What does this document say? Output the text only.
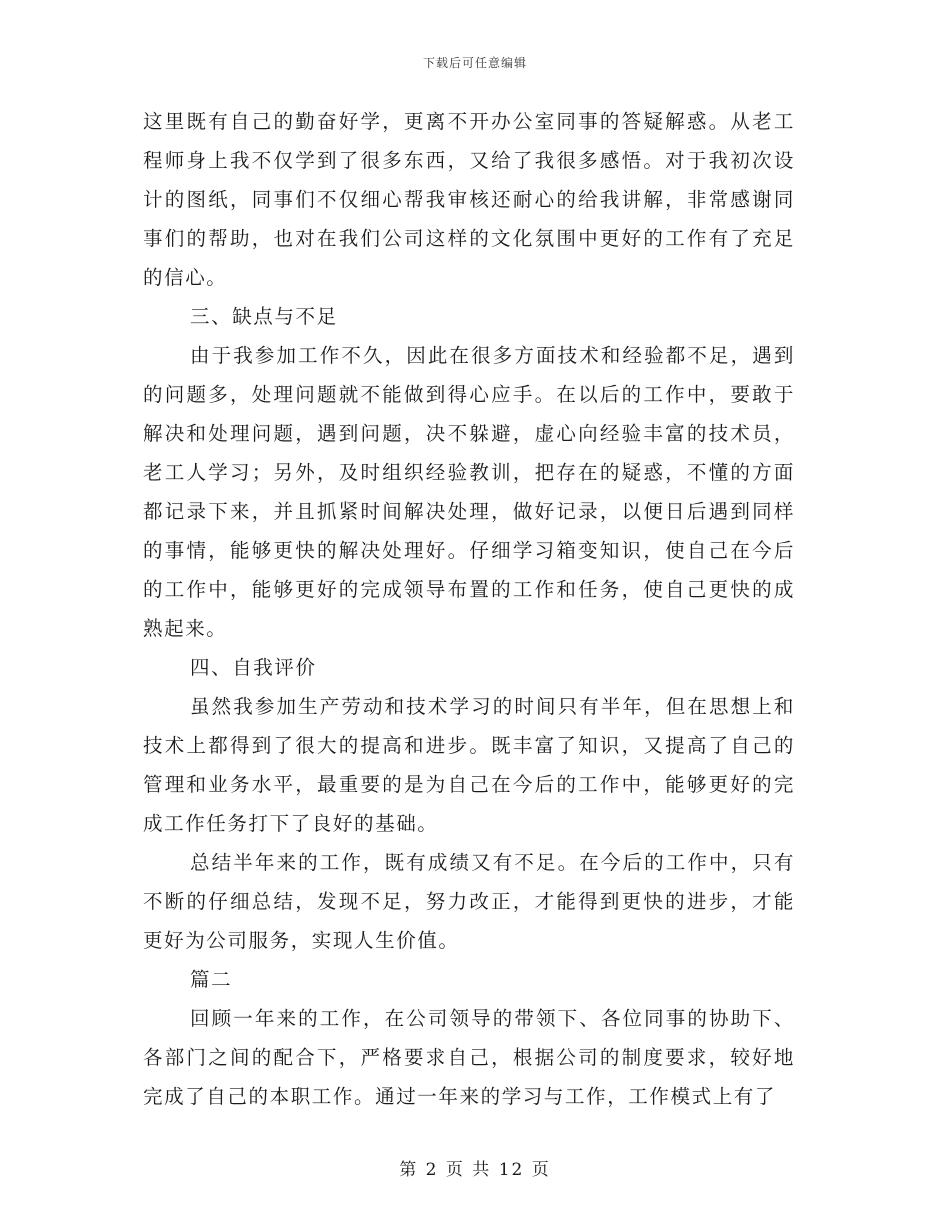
下载后可任意编辑

这里既有自己的勤奋好学，更离不开办公室同事的答疑解惑。从老工程师身上我不仅学到了很多东西，又给了我很多感悟。对于我初次设计的图纸，同事们不仅细心帮我审核还耐心的给我讲解，非常感谢同事们的帮助，也对在我们公司这样的文化氛围中更好的工作有了充足的信心。

三、缺点与不足

由于我参加工作不久，因此在很多方面技术和经验都不足，遇到的问题多，处理问题就不能做到得心应手。在以后的工作中，要敢于解决和处理问题，遇到问题，决不躲避，虚心向经验丰富的技术员，老工人学习；另外，及时组织经验教训，把存在的疑惑，不懂的方面都记录下来，并且抓紧时间解决处理，做好记录，以便日后遇到同样的事情，能够更快的解决处理好。仔细学习箱变知识，使自己在今后的工作中，能够更好的完成领导布置的工作和任务，使自己更快的成熟起来。

四、自我评价

虽然我参加生产劳动和技术学习的时间只有半年，但在思想上和技术上都得到了很大的提高和进步。既丰富了知识，又提高了自己的管理和业务水平，最重要的是为自己在今后的工作中，能够更好的完成工作任务打下了良好的基础。

总结半年来的工作，既有成绩又有不足。在今后的工作中，只有不断的仔细总结，发现不足，努力改正，才能得到更快的进步，才能更好为公司服务，实现人生价值。

篇二

回顾一年来的工作，在公司领导的带领下、各位同事的协助下、各部门之间的配合下，严格要求自己，根据公司的制度要求，较好地完成了自己的本职工作。通过一年来的学习与工作，工作模式上有了

第 2 页 共 12 页
